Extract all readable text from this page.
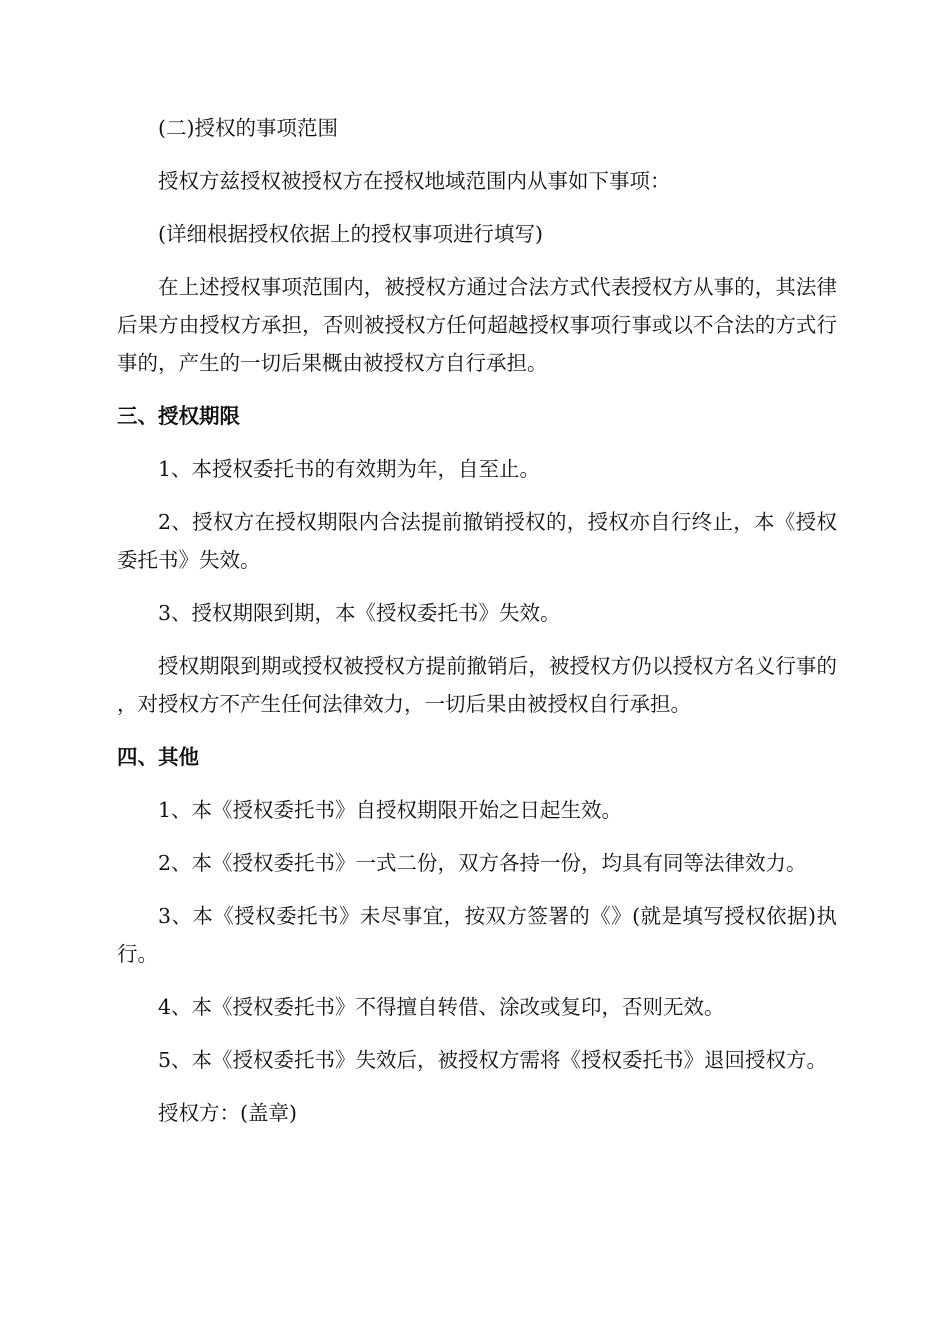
(二)授权的事项范围

授权方兹授权被授权方在授权地域范围内从事如下事项：

(详细根据授权依据上的授权事项进行填写)

在上述授权事项范围内，被授权方通过合法方式代表授权方从事的，其法律后果方由授权方承担，否则被授权方任何超越授权事项行事或以不合法的方式行事的，产生的一切后果概由被授权方自行承担。

三、授权期限

1、本授权委托书的有效期为年，自至止。

2、授权方在授权期限内合法提前撤销授权的，授权亦自行终止，本《授权委托书》失效。

3、授权期限到期，本《授权委托书》失效。

授权期限到期或授权被授权方提前撤销后，被授权方仍以授权方名义行事的，对授权方不产生任何法律效力，一切后果由被授权自行承担。

四、其他

1、本《授权委托书》自授权期限开始之日起生效。

2、本《授权委托书》一式二份，双方各持一份，均具有同等法律效力。

3、本《授权委托书》未尽事宜，按双方签署的《》(就是填写授权依据)执行。

4、本《授权委托书》不得擅自转借、涂改或复印，否则无效。

5、本《授权委托书》失效后，被授权方需将《授权委托书》退回授权方。

授权方：(盖章)
